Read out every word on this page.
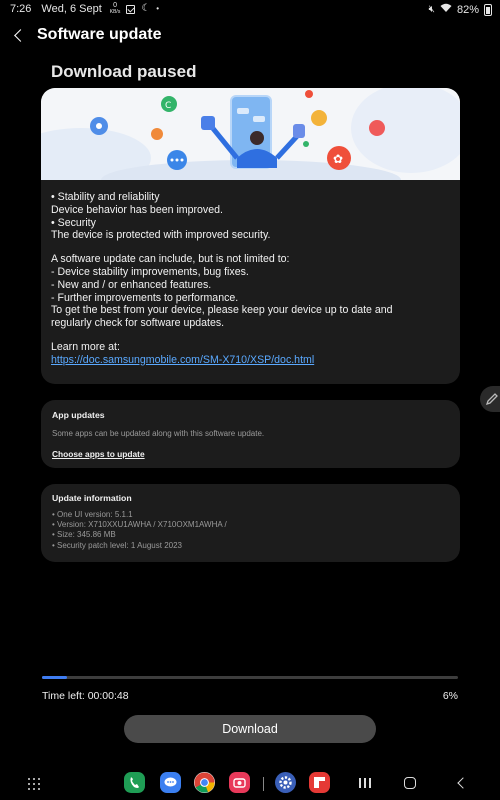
7:26 Wed, 6 Sept 0
KB/s ☾ •	🔇︎ 82%
Software update
Download paused
C
✿
• Stability and reliability
Device behavior has been improved.
• Security
The device is protected with improved security.
A software update can include, but is not limited to:
- Device stability improvements, bug fixes.
- New and / or enhanced features.
- Further improvements to performance.
To get the best from your device, please keep your device up to date and
regularly check for software updates.
Learn more at:
https://doc.samsungmobile.com/SM-X710/XSP/doc.html
App updates
Some apps can be updated along with this software update.
Choose apps to update
Update information
• One UI version: 5.1.1
• Version: X710XXU1AWHA / X710OXM1AWHA /
• Size: 345.86 MB
• Security patch level: 1 August 2023
Time left: 00:00:48	6%
Download
